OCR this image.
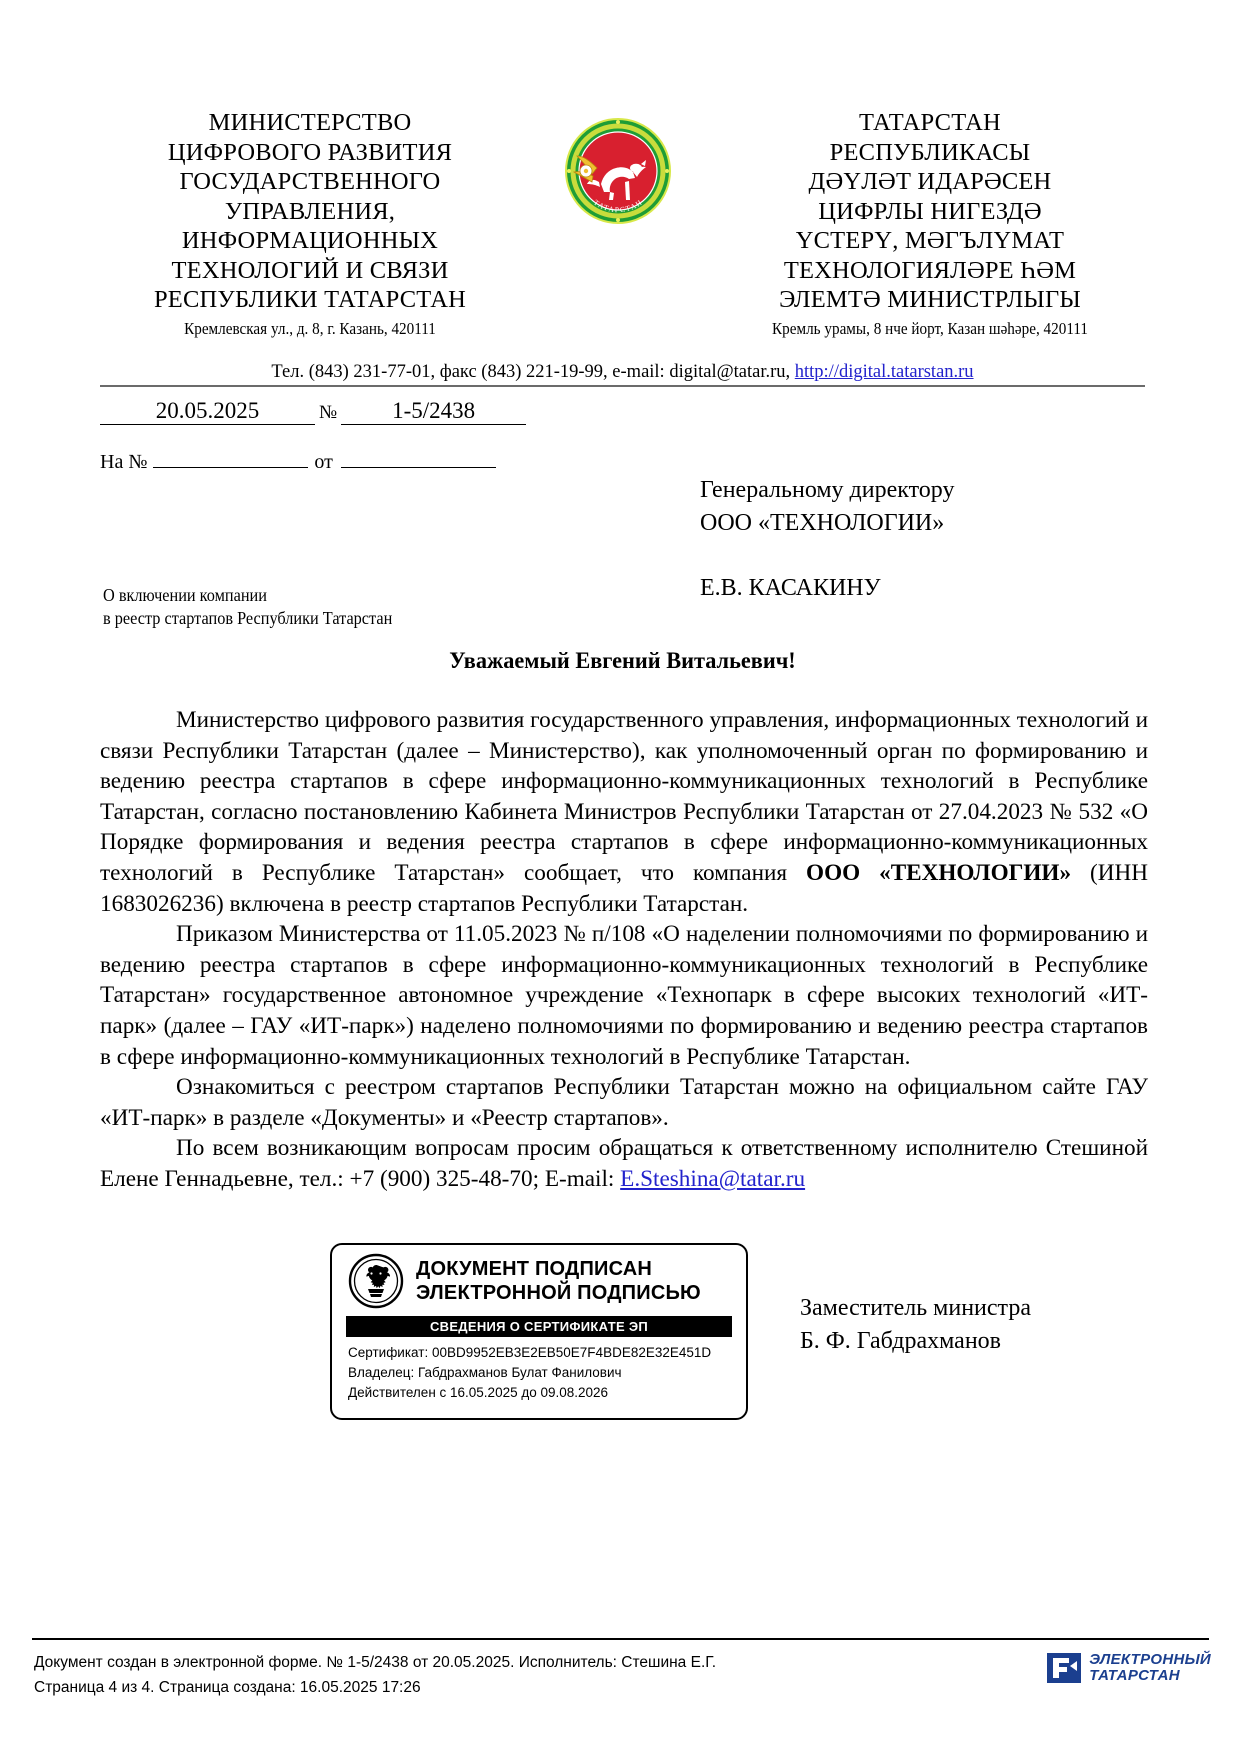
МИНИСТЕРСТВО
ЦИФРОВОГО РАЗВИТИЯ
ГОСУДАРСТВЕННОГО
УПРАВЛЕНИЯ,
ИНФОРМАЦИОННЫХ
ТЕХНОЛОГИЙ И СВЯЗИ
РЕСПУБЛИКИ ТАТАРСТАН
Кремлевская ул., д. 8, г. Казань, 420111
ТАТАРСТАН
ТАТАРСТАН
РЕСПУБЛИКАСЫ
ДӘҮЛӘТ ИДАРӘСЕН
ЦИФРЛЫ НИГЕЗДӘ
ҮСТЕРҮ, МӘГЪЛҮМАТ
ТЕХНОЛОГИЯЛӘРЕ ҺӘМ
ЭЛЕМТӘ МИНИСТРЛЫГЫ
Кремль урамы, 8 нче йорт, Казан шәһәре, 420111
Тел. (843) 231-77-01, факс (843) 221-19-99, e-mail: digital@tatar.ru, http://digital.tatarstan.ru
20.05.2025	№	1-5/2438
На №	от
Генеральному директору
ООО «ТЕХНОЛОГИИ»
Е.В. КАСАКИНУ
О включении компании
в реестр стартапов Республики Татарстан
Уважаемый Евгений Витальевич!

Министерство цифрового развития государственного управления, информационных технологий и связи Республики Татарстан (далее – Министерство), как уполномоченный орган по формированию и ведению реестра стартапов в сфере информационно-коммуникационных технологий в Республике Татарстан, согласно постановлению Кабинета Министров Республики Татарстан от 27.04.2023 № 532 «О Порядке формирования и ведения реестра стартапов в сфере информационно-коммуникационных технологий в Республике Татарстан» сообщает, что компания ООО «ТЕХНОЛОГИИ» (ИНН 1683026236) включена в реестр стартапов Республики Татарстан.

Приказом Министерства от 11.05.2023 № п/108 «О наделении полномочиями по формированию и ведению реестра стартапов в сфере информационно-коммуникационных технологий в Республике Татарстан» государственное автономное учреждение «Технопарк в сфере высоких технологий «ИТ-парк» (далее – ГАУ «ИТ-парк») наделено полномочиями по формированию и ведению реестра стартапов в сфере информационно-коммуникационных технологий в Республике Татарстан.

Ознакомиться с реестром стартапов Республики Татарстан можно на официальном сайте ГАУ «ИТ-парк» в разделе «Документы» и «Реестр стартапов».

По всем возникающим вопросам просим обращаться к ответственному исполнителю Стешиной Елене Геннадьевне, тел.: +7 (900) 325-48-70; E-mail: E.Steshina@tatar.ru

ДОКУМЕНТ ПОДПИСАН
ЭЛЕКТРОННОЙ ПОДПИСЬЮ
СВЕДЕНИЯ О СЕРТИФИКАТЕ ЭП
Сертификат: 00BD9952EB3E2EB50E7F4BDE82E32E451D
Владелец: Габдрахманов Булат Фанилович
Действителен с 16.05.2025 до 09.08.2026
Заместитель министра
Б. Ф. Габдрахманов
Документ создан в электронной форме. № 1-5/2438 от 20.05.2025. Исполнитель: Стешина Е.Г.
Страница 4 из 4. Страница создана: 16.05.2025 17:26
ЭЛЕКТРОННЫЙ
ТАТАРСТАН
